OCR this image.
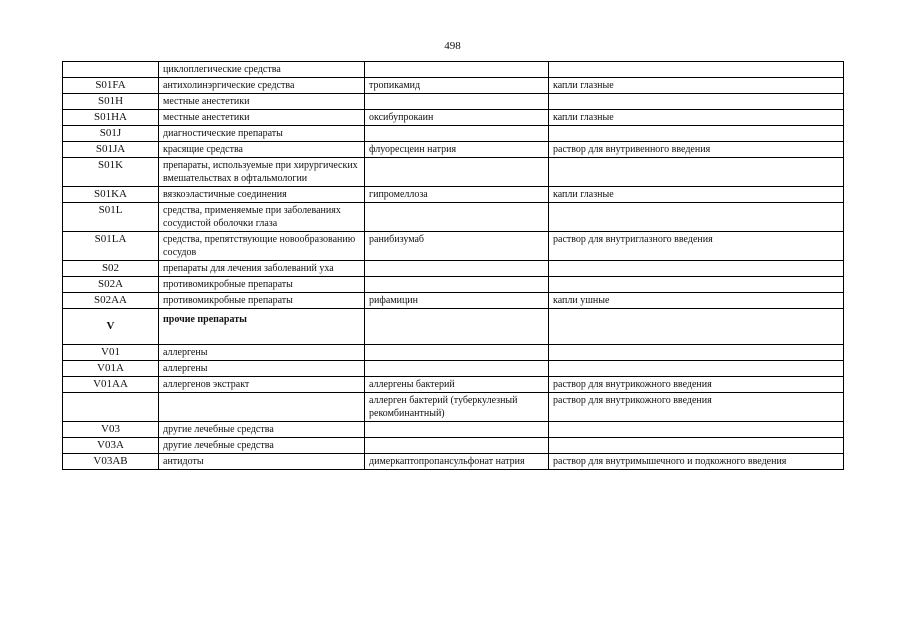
498
	циклоплегические средства		
S01FA	антихолинэргические средства	тропикамид	капли глазные
S01H	местные анестетики		
S01HA	местные анестетики	оксибупрокаин	капли глазные
S01J	диагностические препараты		
S01JA	красящие средства	флуоресцеин натрия	раствор для внутривенного введения
S01K	препараты, используемые при хирургических вмешательствах в офтальмологии		
S01KA	вязкоэластичные соединения	гипромеллоза	капли глазные
S01L	средства, применяемые при заболеваниях сосудистой оболочки глаза		
S01LA	средства, препятствующие новообразованию сосудов	ранибизумаб	раствор для внутриглазного введения
S02	препараты для лечения заболеваний уха		
S02A	противомикробные препараты		
S02AA	противомикробные препараты	рифамицин	капли ушные
V	прочие препараты		
V01	аллергены		
V01A	аллергены		
V01AA	аллергенов экстракт	аллергены бактерий	раствор для внутрикожного введения
		аллерген бактерий (туберкулезный рекомбинантный)	раствор для внутрикожного введения
V03	другие лечебные средства		
V03A	другие лечебные средства		
V03AB	антидоты	димеркаптопропансульфонат натрия	раствор для внутримышечного и подкожного введения
